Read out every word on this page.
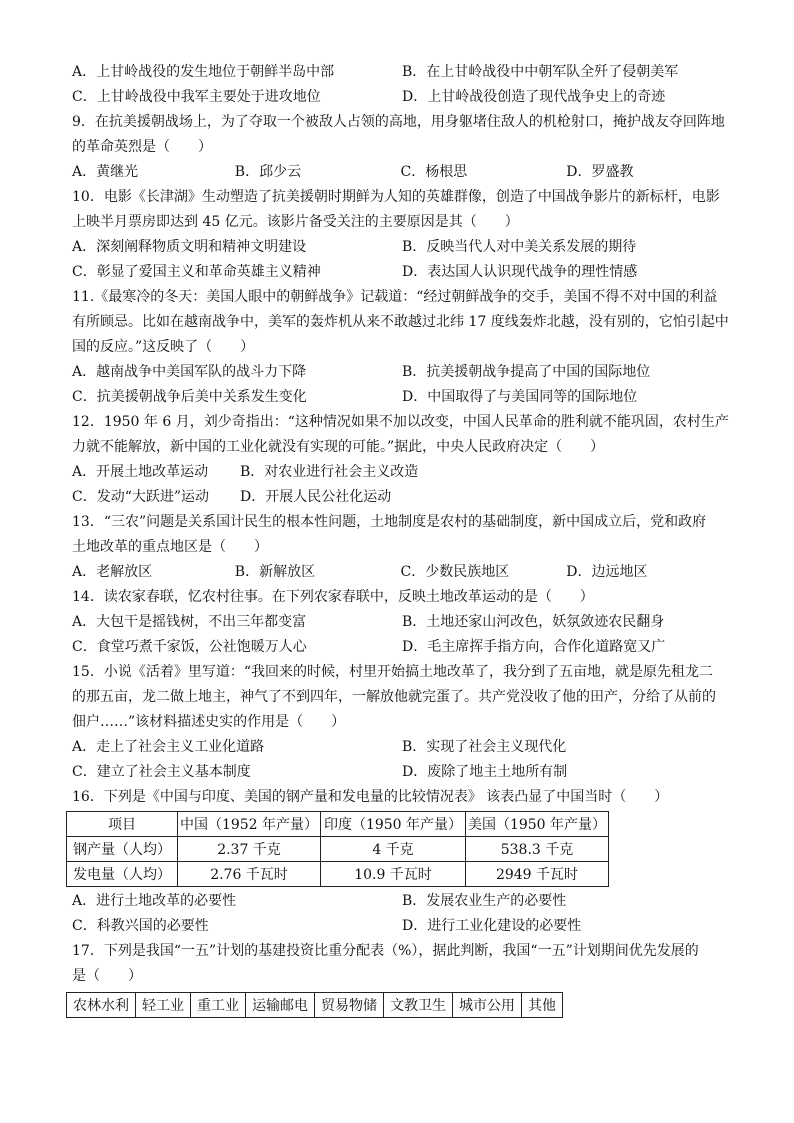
A．上甘岭战役的发生地位于朝鲜半岛中部	B．在上甘岭战役中中朝军队全歼了侵朝美军
C．上甘岭战役中我军主要处于进攻地位	D．上甘岭战役创造了现代战争史上的奇迹
9．在抗美援朝战场上，为了夺取一个被敌人占领的高地，用身躯堵住敌人的机枪射口，掩护战友夺回阵地
的革命英烈是（　　）
A．黄继光	B．邱少云	C．杨根思	D．罗盛教
10．电影《长津湖》生动塑造了抗美援朝时期鲜为人知的英雄群像，创造了中国战争影片的新标杆，电影
上映半月票房即达到 45 亿元。该影片备受关注的主要原因是其（　　）
A．深刻阐释物质文明和精神文明建设	B．反映当代人对中美关系发展的期待
C．彰显了爱国主义和革命英雄主义精神	D．表达国人认识现代战争的理性情感
11.《最寒冷的冬天：美国人眼中的朝鲜战争》记载道：“经过朝鲜战争的交手，美国不得不对中国的利益
有所顾忌。比如在越南战争中，美军的轰炸机从来不敢越过北纬 17 度线轰炸北越，没有别的，它怕引起中
国的反应。”这反映了（　　）
A．越南战争中美国军队的战斗力下降	B．抗美援朝战争提高了中国的国际地位
C．抗美援朝战争后美中关系发生变化	D．中国取得了与美国同等的国际地位
12．1950 年 6 月，刘少奇指出：“这种情况如果不加以改变，中国人民革命的胜利就不能巩固，农村生产
力就不能解放，新中国的工业化就没有实现的可能。”据此，中央人民政府决定（　　）
A．开展土地改革运动 B．对农业进行社会主义改造
C．发动“大跃进”运动 D．开展人民公社化运动
13．“三农”问题是关系国计民生的根本性问题，土地制度是农村的基础制度，新中国成立后，党和政府
土地改革的重点地区是（　　）
A．老解放区	B．新解放区	C．少数民族地区	D．边远地区
14．读农家春联，忆农村往事。在下列农家春联中，反映土地改革运动的是（　　）
A．大包干是摇钱树，不出三年都变富	B．土地还家山河改色，妖氛敛迹农民翻身
C．食堂巧煮千家饭，公社饱暖万人心	D．毛主席挥手指方向，合作化道路宽又广
15．小说《活着》里写道：“我回来的时候，村里开始搞土地改革了，我分到了五亩地，就是原先租龙二
的那五亩，龙二做上地主，神气了不到四年，一解放他就完蛋了。共产党没收了他的田产，分给了从前的
佃户……”该材料描述史实的作用是（　　）
A．走上了社会主义工业化道路	B．实现了社会主义现代化
C．建立了社会主义基本制度	D．废除了地主土地所有制
16．下列是《中国与印度、美国的钢产量和发电量的比较情况表》 该表凸显了中国当时（　　）
项目	中国（1952 年产量）	印度（1950 年产量）	美国（1950 年产量）
钢产量（人均）	2.37 千克	4 千克	538.3 千克
发电量（人均）	2.76 千瓦时	10.9 千瓦时	2949 千瓦时
A．进行土地改革的必要性	B．发展农业生产的必要性
C．科教兴国的必要性	D．进行工业化建设的必要性
17．下列是我国“一五”计划的基建投资比重分配表（%），据此判断，我国“一五”计划期间优先发展的
是（　　）
农林水利	轻工业	重工业	运输邮电	贸易物储	文教卫生	城市公用	其他
